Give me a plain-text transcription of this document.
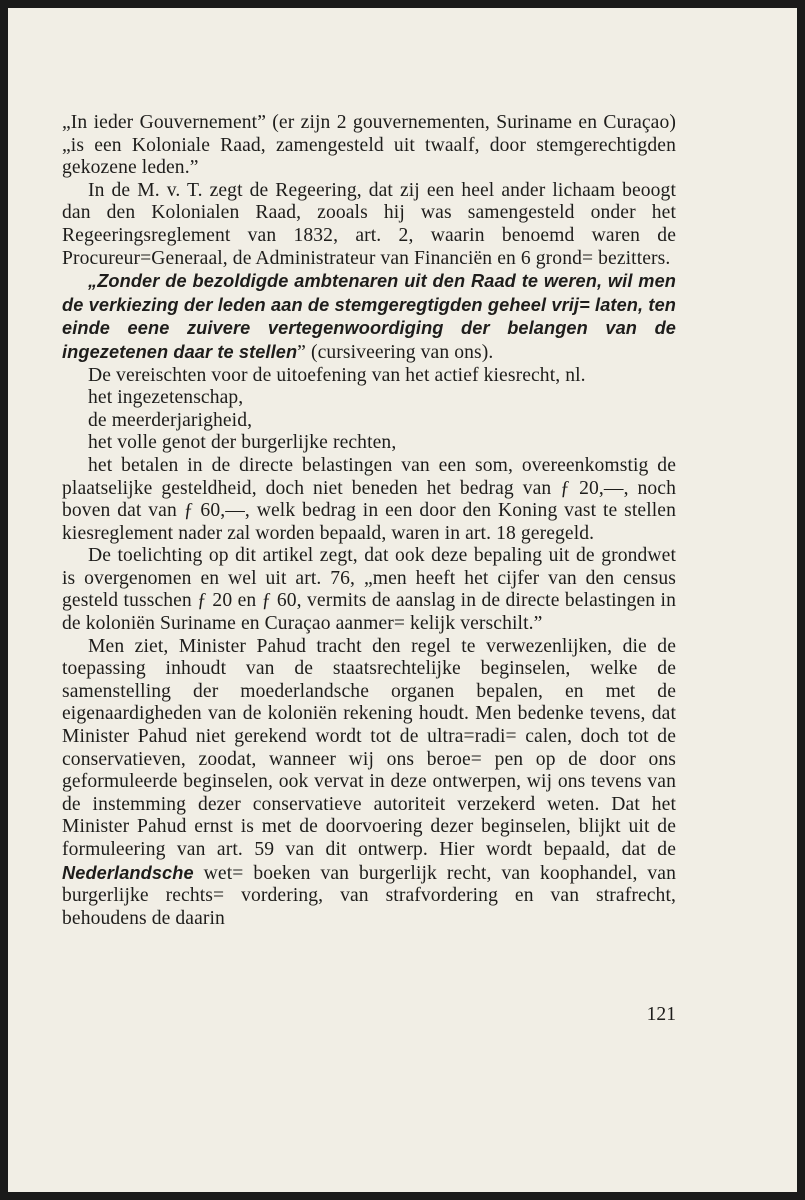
„In ieder Gouvernement” (er zijn 2 gouvernementen, Suriname en Curaçao) „is een Koloniale Raad, zamengesteld uit twaalf, door stemgerechtigden gekozene leden.”

In de M. v. T. zegt de Regeering, dat zij een heel ander lichaam beoogt dan den Kolonialen Raad, zooals hij was samengesteld onder het Regeeringsreglement van 1832, art. 2, waarin benoemd waren de Procureur=Generaal, de Administrateur van Financiën en 6 grond= bezitters.

„Zonder de bezoldigde ambtenaren uit den Raad te weren, wil men de verkiezing der leden aan de stemgeregtigden geheel vrij= laten, ten einde eene zuivere vertegenwoordiging der belangen van de ingezetenen daar te stellen” (cursiveering van ons).

De vereischten voor de uitoefening van het actief kiesrecht, nl.

het ingezetenschap,

de meerderjarigheid,

het volle genot der burgerlijke rechten,

het betalen in de directe belastingen van een som, overeenkomstig de plaatselijke gesteldheid, doch niet beneden het bedrag van ƒ 20,—, noch boven dat van ƒ 60,—, welk bedrag in een door den Koning vast te stellen kiesreglement nader zal worden bepaald, waren in art. 18 geregeld.

De toelichting op dit artikel zegt, dat ook deze bepaling uit de grondwet is overgenomen en wel uit art. 76, „men heeft het cijfer van den census gesteld tusschen ƒ 20 en ƒ 60, vermits de aanslag in de directe belastingen in de koloniën Suriname en Curaçao aanmer= kelijk verschilt.”

Men ziet, Minister Pahud tracht den regel te verwezenlijken, die de toepassing inhoudt van de staatsrechtelijke beginselen, welke de samenstelling der moederlandsche organen bepalen, en met de eigenaardigheden van de koloniën rekening houdt. Men bedenke tevens, dat Minister Pahud niet gerekend wordt tot de ultra=radi= calen, doch tot de conservatieven, zoodat, wanneer wij ons beroe= pen op de door ons geformuleerde beginselen, ook vervat in deze ontwerpen, wij ons tevens van de instemming dezer conservatieve autoriteit verzekerd weten. Dat het Minister Pahud ernst is met de doorvoering dezer beginselen, blijkt uit de formuleering van art. 59 van dit ontwerp. Hier wordt bepaald, dat de Nederlandsche wet= boeken van burgerlijk recht, van koophandel, van burgerlijke rechts= vordering, van strafvordering en van strafrecht, behoudens de daarin

121
